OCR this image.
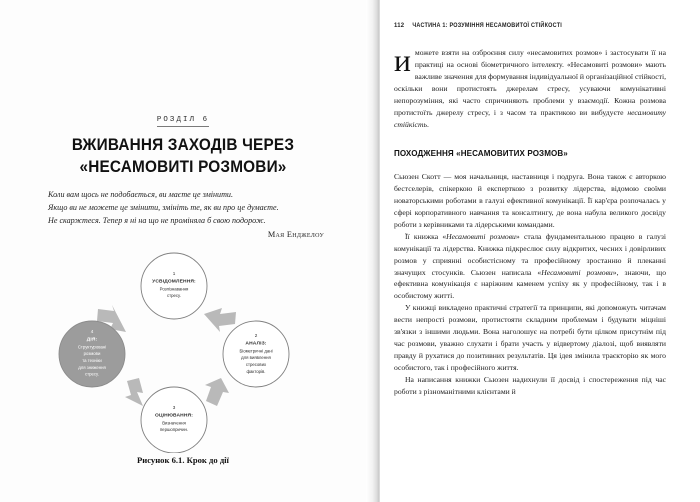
РОЗДІЛ 6
ВЖИВАННЯ ЗАХОДІВ ЧЕРЕЗ
«НЕСАМОВИТІ РОЗМОВИ»
Коли вам щось не подобається, ви маєте це змінити.
Якщо ви не можете це змінити, змініть те, як ви про це думаєте.
Не скаржтеся. Тепер я ні на що не проміняла б свою подорож.
Мая Енджелоу
1
УСВІДОМЛЕННЯ:
Розпізнавання
стресу.
2
АНАЛІЗ:
Біометричні дані
для виявлення
стресових
факторів.
3
ОЦІНЮВАННЯ:
Визначення
першопричин.
4
ДІЯ:
Структуровані
розмови
та техніки
для зниження
стресу.
Рисунок 6.1. Крок до дії
112 ЧАСТИНА 1: РОЗУМІННЯ НЕСАМОВИТОЇ СТІЙКОСТІ

иможете взяти на озброєння силу «несамовитих розмов» і застосувати її на практиці на основі біометричного інтелекту. «Несамовиті розмови» мають важливе значення для формування індивідуальної й організаційної стійкості, оскільки вони протистоять джерелам стресу, усуваючи комунікативні непорозуміння, які часто спричиняють проблеми у взаємодії. Кожна розмова протистоїть джерелу стресу, і з часом та практикою ви вибудуєте несамовиту стійкість.

ПОХОДЖЕННЯ «НЕСАМОВИТИХ РОЗМОВ»

Сьюзен Скотт — моя начальниця, наставниця і подруга. Вона також є авторкою бестселерів, спікеркою й експерткою з розвитку лідерства, відомою своїми новаторськими роботами в галузі ефективної комунікації. Її кар'єра розпочалась у сфері корпоративного навчання та консалтингу, де вона набула великого досвіду роботи з керівниками та лідерськими командами.

Її книжка «Несамовиті розмови» стала фундаментальною працею в галузі комунікації та лідерства. Книжка підкреслює силу відкритих, чесних і довірливих розмов у сприянні особистісному та професійному зростанню й плеканні значущих стосунків. Сьюзен написала «Несамовиті розмови», знаючи, що ефективна комунікація є наріжним каменем успіху як у професійному, так і в особистому житті.

У книжці викладено практичні стратегії та принципи, які допоможуть читачам вести непрості розмови, протистояти складним проблемам і будувати міцніші зв'язки з іншими людьми. Вона наголошує на потребі бути цілком присутнім під час розмови, уважно слухати і брати участь у відвертому діалозі, щоб виявляти правду й рухатися до позитивних результатів. Ця ідея змінила траєкторію як мого особистого, так і професійного життя.

На написання книжки Сьюзен надихнули її досвід і спостереження під час роботи з різноманітними клієнтами й
